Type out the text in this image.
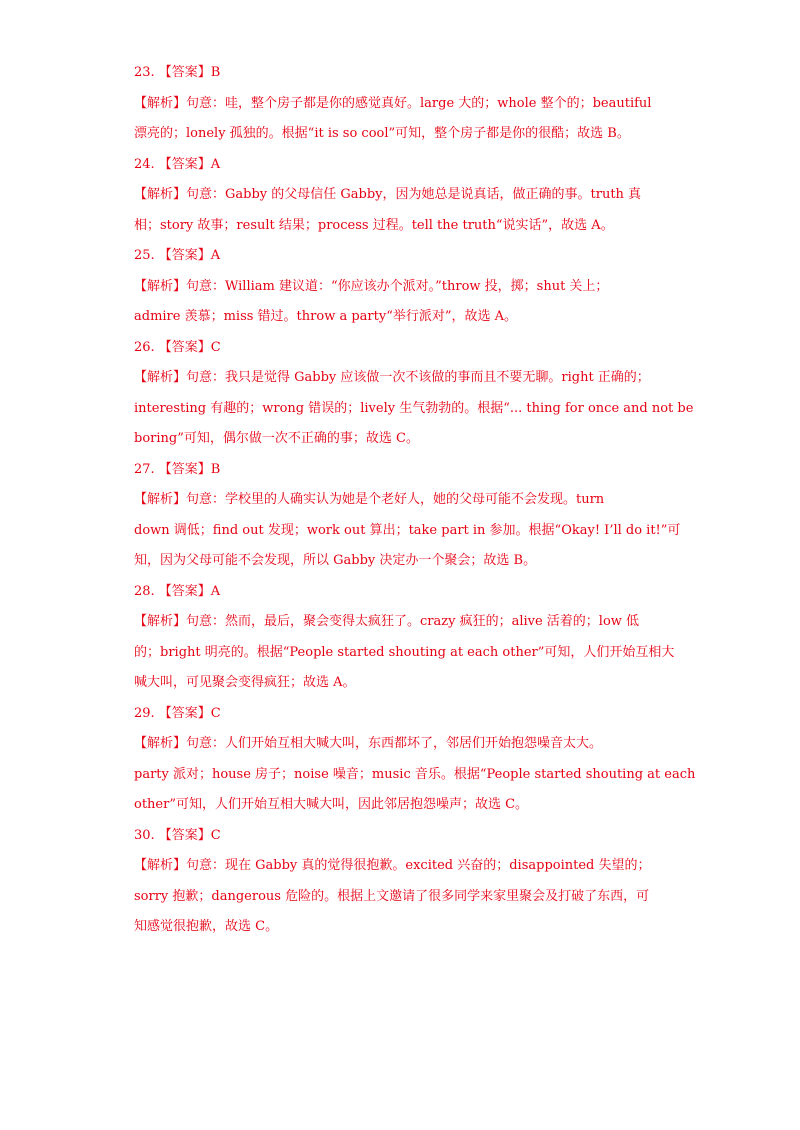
23. 【答案】B
【解析】句意：哇，整个房子都是你的感觉真好。large 大的；whole 整个的；beautiful
漂亮的；lonely 孤独的。根据“it is so cool”可知，整个房子都是你的很酷；故选 B。
24. 【答案】A
【解析】句意：Gabby 的父母信任 Gabby，因为她总是说真话，做正确的事。truth 真
相；story 故事；result 结果；process 过程。tell the truth“说实话”，故选 A。
25. 【答案】A
【解析】句意：William 建议道：“你应该办个派对。”throw 投，掷；shut 关上；
admire 羡慕；miss 错过。throw a party“举行派对”，故选 A。
26. 【答案】C
【解析】句意：我只是觉得 Gabby 应该做一次不该做的事而且不要无聊。right 正确的；
interesting 有趣的；wrong 错误的；lively 生气勃勃的。根据“... thing for once and not be
boring”可知，偶尔做一次不正确的事；故选 C。
27. 【答案】B
【解析】句意：学校里的人确实认为她是个老好人，她的父母可能不会发现。turn
down 调低；find out 发现；work out 算出；take part in 参加。根据“Okay! I’ll do it!”可
知，因为父母可能不会发现，所以 Gabby 决定办一个聚会；故选 B。
28. 【答案】A
【解析】句意：然而，最后，聚会变得太疯狂了。crazy 疯狂的；alive 活着的；low 低
的；bright 明亮的。根据“People started shouting at each other”可知，人们开始互相大
喊大叫，可见聚会变得疯狂；故选 A。
29. 【答案】C
【解析】句意：人们开始互相大喊大叫，东西都坏了，邻居们开始抱怨噪音太大。
party 派对；house 房子；noise 噪音；music 音乐。根据“People started shouting at each
other”可知，人们开始互相大喊大叫，因此邻居抱怨噪声；故选 C。
30. 【答案】C
【解析】句意：现在 Gabby 真的觉得很抱歉。excited 兴奋的；disappointed 失望的；
sorry 抱歉；dangerous 危险的。根据上文邀请了很多同学来家里聚会及打破了东西，可
知感觉很抱歉，故选 C。
